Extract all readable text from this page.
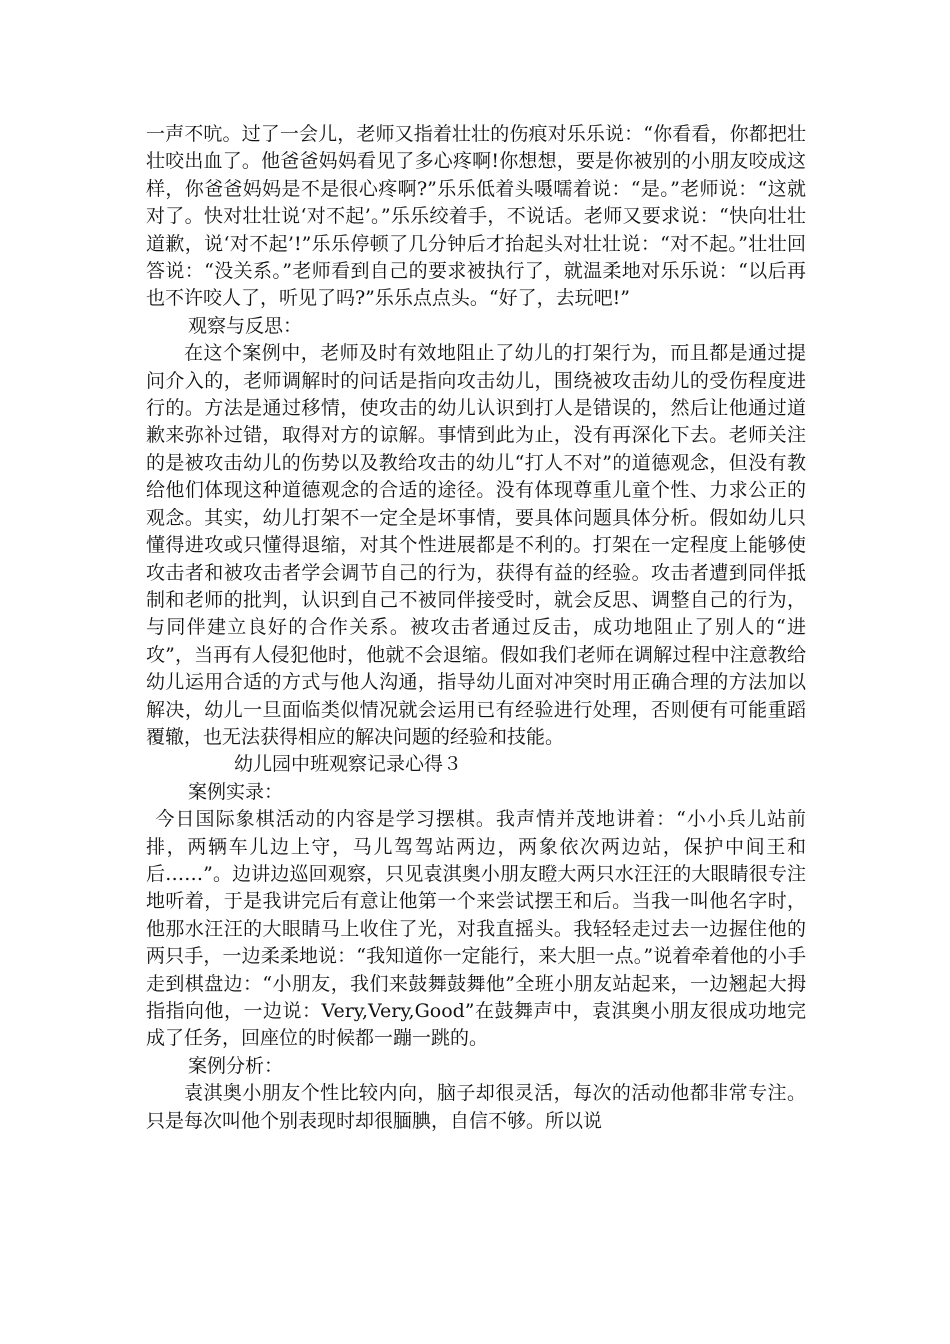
一声不吭。过了一会儿，老师又指着壮壮的伤痕对乐乐说：“你看看，你都把壮壮咬出血了。他爸爸妈妈看见了多心疼啊!你想想，要是你被别的小朋友咬成这样，你爸爸妈妈是不是很心疼啊?”乐乐低着头嗫嚅着说：“是。”老师说：“这就对了。快对壮壮说‘对不起’。”乐乐绞着手，不说话。老师又要求说：“快向壮壮道歉，说‘对不起’!”乐乐停顿了几分钟后才抬起头对壮壮说：“对不起。”壮壮回答说：“没关系。”老师看到自己的要求被执行了，就温柔地对乐乐说：“以后再也不许咬人了，听见了吗?”乐乐点点头。“好了，去玩吧!”

观察与反思：

在这个案例中，老师及时有效地阻止了幼儿的打架行为，而且都是通过提问介入的，老师调解时的问话是指向攻击幼儿，围绕被攻击幼儿的受伤程度进行的。方法是通过移情，使攻击的幼儿认识到打人是错误的，然后让他通过道歉来弥补过错，取得对方的谅解。事情到此为止，没有再深化下去。老师关注的是被攻击幼儿的伤势以及教给攻击的幼儿“打人不对”的道德观念，但没有教给他们体现这种道德观念的合适的途径。没有体现尊重儿童个性、力求公正的观念。其实，幼儿打架不一定全是坏事情，要具体问题具体分析。假如幼儿只懂得进攻或只懂得退缩，对其个性进展都是不利的。打架在一定程度上能够使攻击者和被攻击者学会调节自己的行为，获得有益的经验。攻击者遭到同伴抵制和老师的批判，认识到自己不被同伴接受时，就会反思、调整自己的行为，与同伴建立良好的合作关系。被攻击者通过反击，成功地阻止了别人的“进攻”，当再有人侵犯他时，他就不会退缩。假如我们老师在调解过程中注意教给幼儿运用合适的方式与他人沟通，指导幼儿面对冲突时用正确合理的方法加以解决，幼儿一旦面临类似情况就会运用已有经验进行处理，否则便有可能重蹈覆辙，也无法获得相应的解决问题的经验和技能。

幼儿园中班观察记录心得３

案例实录：

今日国际象棋活动的内容是学习摆棋。我声情并茂地讲着：“小小兵儿站前排，两辆车儿边上守，马儿驾驾站两边，两象依次两边站，保护中间王和后……”。边讲边巡回观察，只见袁淇奥小朋友瞪大两只水汪汪的大眼睛很专注地听着，于是我讲完后有意让他第一个来尝试摆王和后。当我一叫他名字时，他那水汪汪的大眼睛马上收住了光，对我直摇头。我轻轻走过去一边握住他的两只手，一边柔柔地说：“我知道你一定能行，来大胆一点。”说着牵着他的小手走到棋盘边：“小朋友，我们来鼓舞鼓舞他”全班小朋友站起来，一边翘起大拇指指向他，一边说：Very,Very,Good”在鼓舞声中，袁淇奥小朋友很成功地完成了任务，回座位的时候都一蹦一跳的。

案例分析：

袁淇奥小朋友个性比较内向，脑子却很灵活，每次的活动他都非常专注。只是每次叫他个别表现时却很腼腆，自信不够。所以说
